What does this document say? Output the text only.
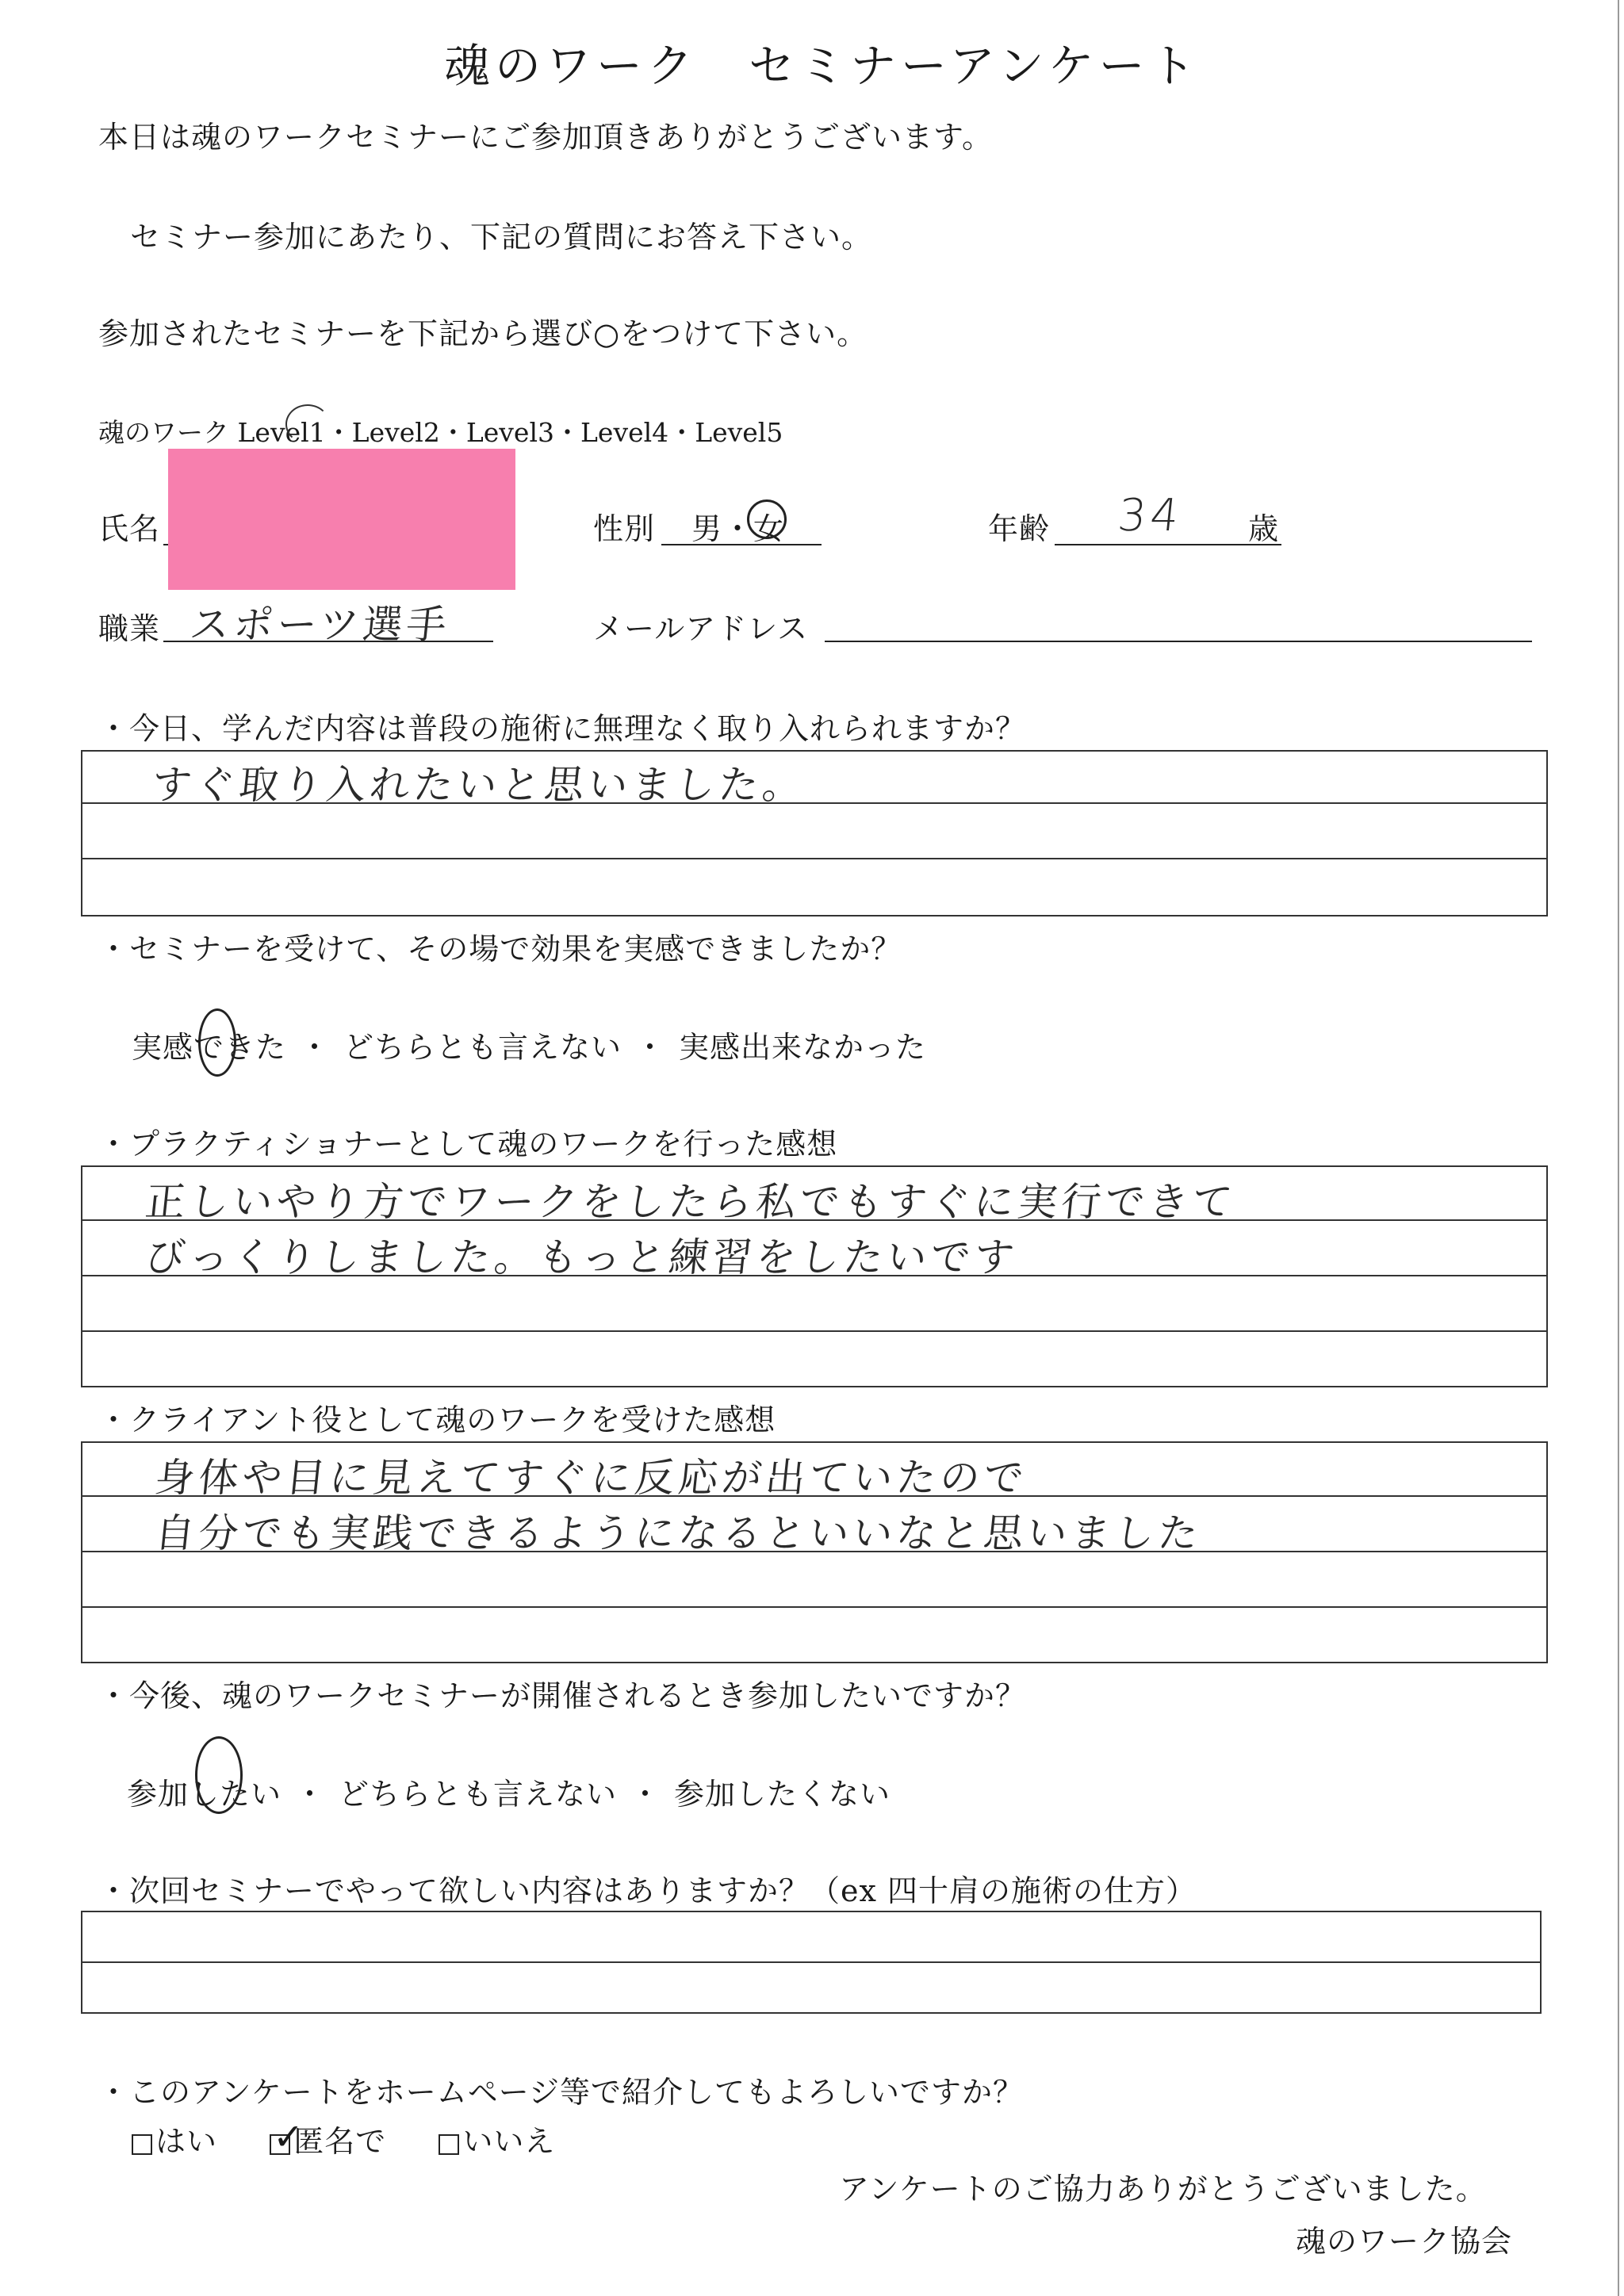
魂のワーク　セミナーアンケート
本日は魂のワークセミナーにご参加頂きありがとうございます。
セミナー参加にあたり、下記の質問にお答え下さい。
参加されたセミナーを下記から選び○をつけて下さい。
魂のワーク Level1・Level2・Level3・Level4・Level5
氏名	性別 男・女	年齢 34 歳
職業 スポーツ選手	メールアドレス
・今日、学んだ内容は普段の施術に無理なく取り入れられますか？
すぐ取り入れたいと思いました。
・セミナーを受けて、その場で効果を実感できましたか？
実感できた ・ どちらとも言えない ・ 実感出来なかった
・プラクティショナーとして魂のワークを行った感想
正しいやり方でワークをしたら私でもすぐに実行できて
びっくりしました。もっと練習をしたいです
・クライアント役として魂のワークを受けた感想
身体や目に見えてすぐに反応が出ていたので
自分でも実践できるようになるといいなと思いました
・今後、魂のワークセミナーが開催されるとき参加したいですか？
参加したい ・ どちらとも言えない ・ 参加したくない
・次回セミナーでやって欲しい内容はありますか？（ex 四十肩の施術の仕方）
・このアンケートをホームページ等で紹介してもよろしいですか？
はい ✓
匿名で	いいえ
アンケートのご協力ありがとうございました。
魂のワーク協会
